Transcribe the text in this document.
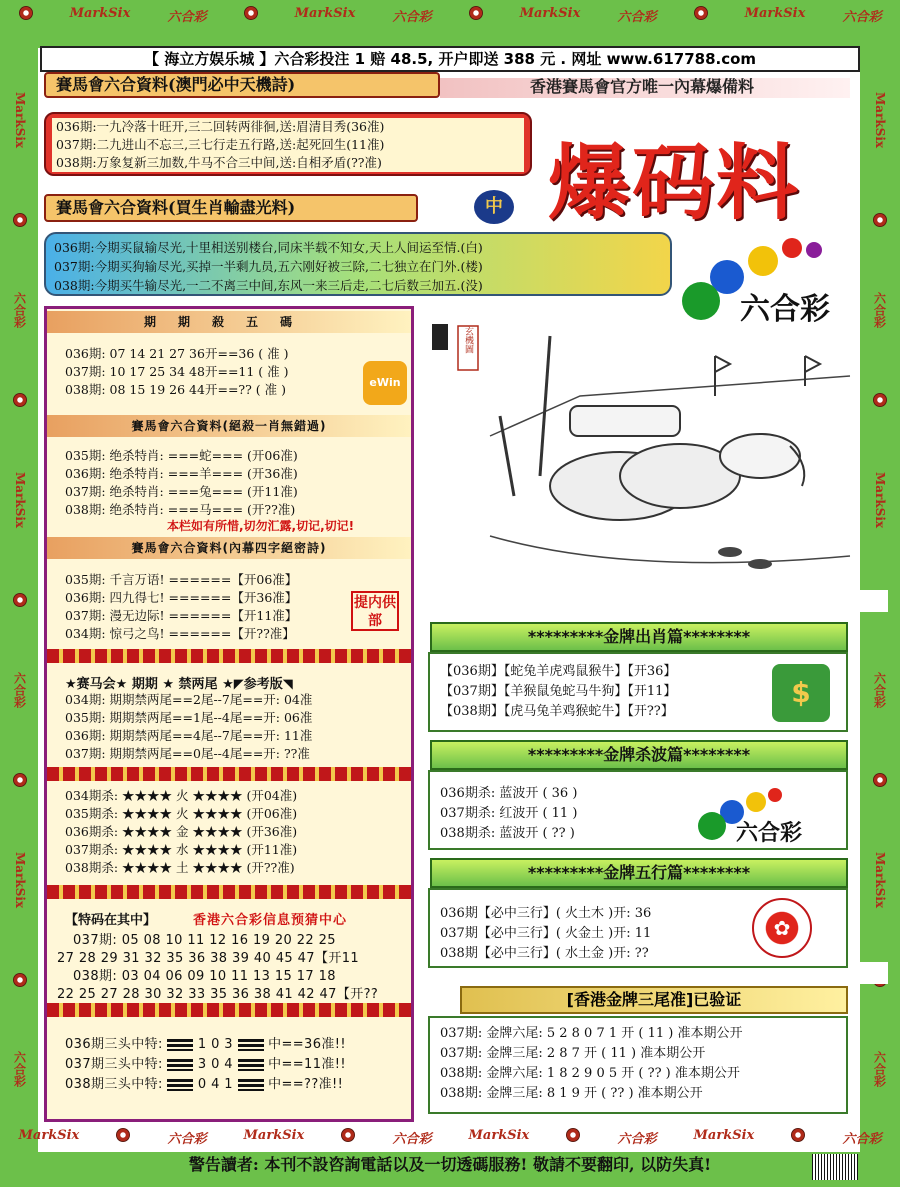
MarkSix	六合彩	MarkSix	六合彩	MarkSix	六合彩	MarkSix	六合彩
MarkSix	六合彩	MarkSix	六合彩	MarkSix	六合彩	MarkSix	六合彩
MarkSix
六合彩
MarkSix
六合彩
MarkSix
六合彩
MarkSix
六合彩
MarkSix
六合彩
MarkSix
六合彩
【 海立方娱乐城 】六合彩投注 1 赔 48.5, 开户即送 388 元 . 网址 www.617788.com
賽馬會六合資料(澳門必中天機詩)	香港賽馬會官方唯一內幕爆備料
036期:一九冷落十旺开,三二回转两徘徊,送:眉清目秀(36准)
037期:二九进山不忘三,三七行走五行路,送:起死回生(11准)
038期:万象复新三加数,牛马不合三中间,送:自相矛盾(??准)	爆码料
賽馬會六合資料(買生肖輸盡光料)	中
036期:今期买鼠输尽光,十里相送别楼台,同床半载不知女,天上人间运至情.(白)
037期:今期买狗输尽光,买掉一半剩九员,五六刚好被三除,二七独立在门外.(楼)
038期:今期买牛输尽光,一二不离三中间,东风一来三后走,二七后数三加五.(没)
六合彩
玄機圖
期期殺五碼
036期: 07 14 21 27 36开==36 ( 准 )
037期: 10 17 25 34 48开==11 ( 准 )
038期: 08 15 19 26 44开==?? ( 准 )	eWin
賽馬會六合資料(絕殺一肖無錯過)
035期: 绝杀特肖: ===蛇=== (开06准)
036期: 绝杀特肖: ===羊=== (开36准)
037期: 绝杀特肖: ===兔=== (开11准)
038期: 绝杀特肖: ===马=== (开??准)
本栏如有所惜,切勿汇露,切记,切记!
賽馬會六合資料(內幕四字絕密詩)
035期: 千言万语! ======【开06准】
036期: 四九得七! ======【开36准】
037期: 漫无边际! ======【开11准】
034期: 惊弓之鸟! ======【开??准】
提内供部
★赛马会★ 期期 ★ 禁两尾 ★◤参考版◥
034期: 期期禁两尾==2尾--7尾==开: 04准
035期: 期期禁两尾==1尾--4尾==开: 06准
036期: 期期禁两尾==4尾--7尾==开: 11准
037期: 期期禁两尾==0尾--4尾==开: ??准
034期杀: ★★★★ 火 ★★★★ (开04准)
035期杀: ★★★★ 火 ★★★★ (开06准)
036期杀: ★★★★ 金 ★★★★ (开36准)
037期杀: ★★★★ 水 ★★★★ (开11准)
038期杀: ★★★★ 土 ★★★★ (开??准)
【特码在其中】	香港六合彩信息预猜中心
037期: 05 08 10 11 12 16 19 20 22 25
27 28 29 31 32 35 36 38 39 40 45 47【开11
038期: 03 04 06 09 10 11 13 15 17 18
22 25 27 28 30 32 33 35 36 38 41 42 47【开??
036期三头中特:	1 0 3	中==36准!!
037期三头中特:	3 0 4	中==11准!!
038期三头中特:	0 4 1	中==??准!!
*********金牌出肖篇********
【036期】【蛇兔羊虎鸡鼠猴牛】【开36】
【037期】【羊猴鼠兔蛇马牛狗】【开11】
【038期】【虎马兔羊鸡猴蛇牛】【开??】
$
*********金牌杀波篇********
036期杀: 蓝波开 ( 36 )
037期杀: 红波开 ( 11 )
038期杀: 蓝波开 ( ?? )	六合彩
*********金牌五行篇********
036期【必中三行】( 火土木 )开: 36
037期【必中三行】( 火金土 )开: 11
038期【必中三行】( 水土金 )开: ??
✿
[香港金牌三尾准]已验证
037期: 金牌六尾: 5 2 8 0 7 1 开 ( 11 ) 准本期公开
037期: 金牌三尾: 2 8 7 开 ( 11 ) 准本期公开
038期: 金牌六尾: 1 8 2 9 0 5 开 ( ?? ) 准本期公开
038期: 金牌三尾: 8 1 9 开 ( ?? ) 准本期公开
警告讀者: 本刊不設咨詢電話以及一切透碼服務! 敬請不要翻印, 以防失真!
